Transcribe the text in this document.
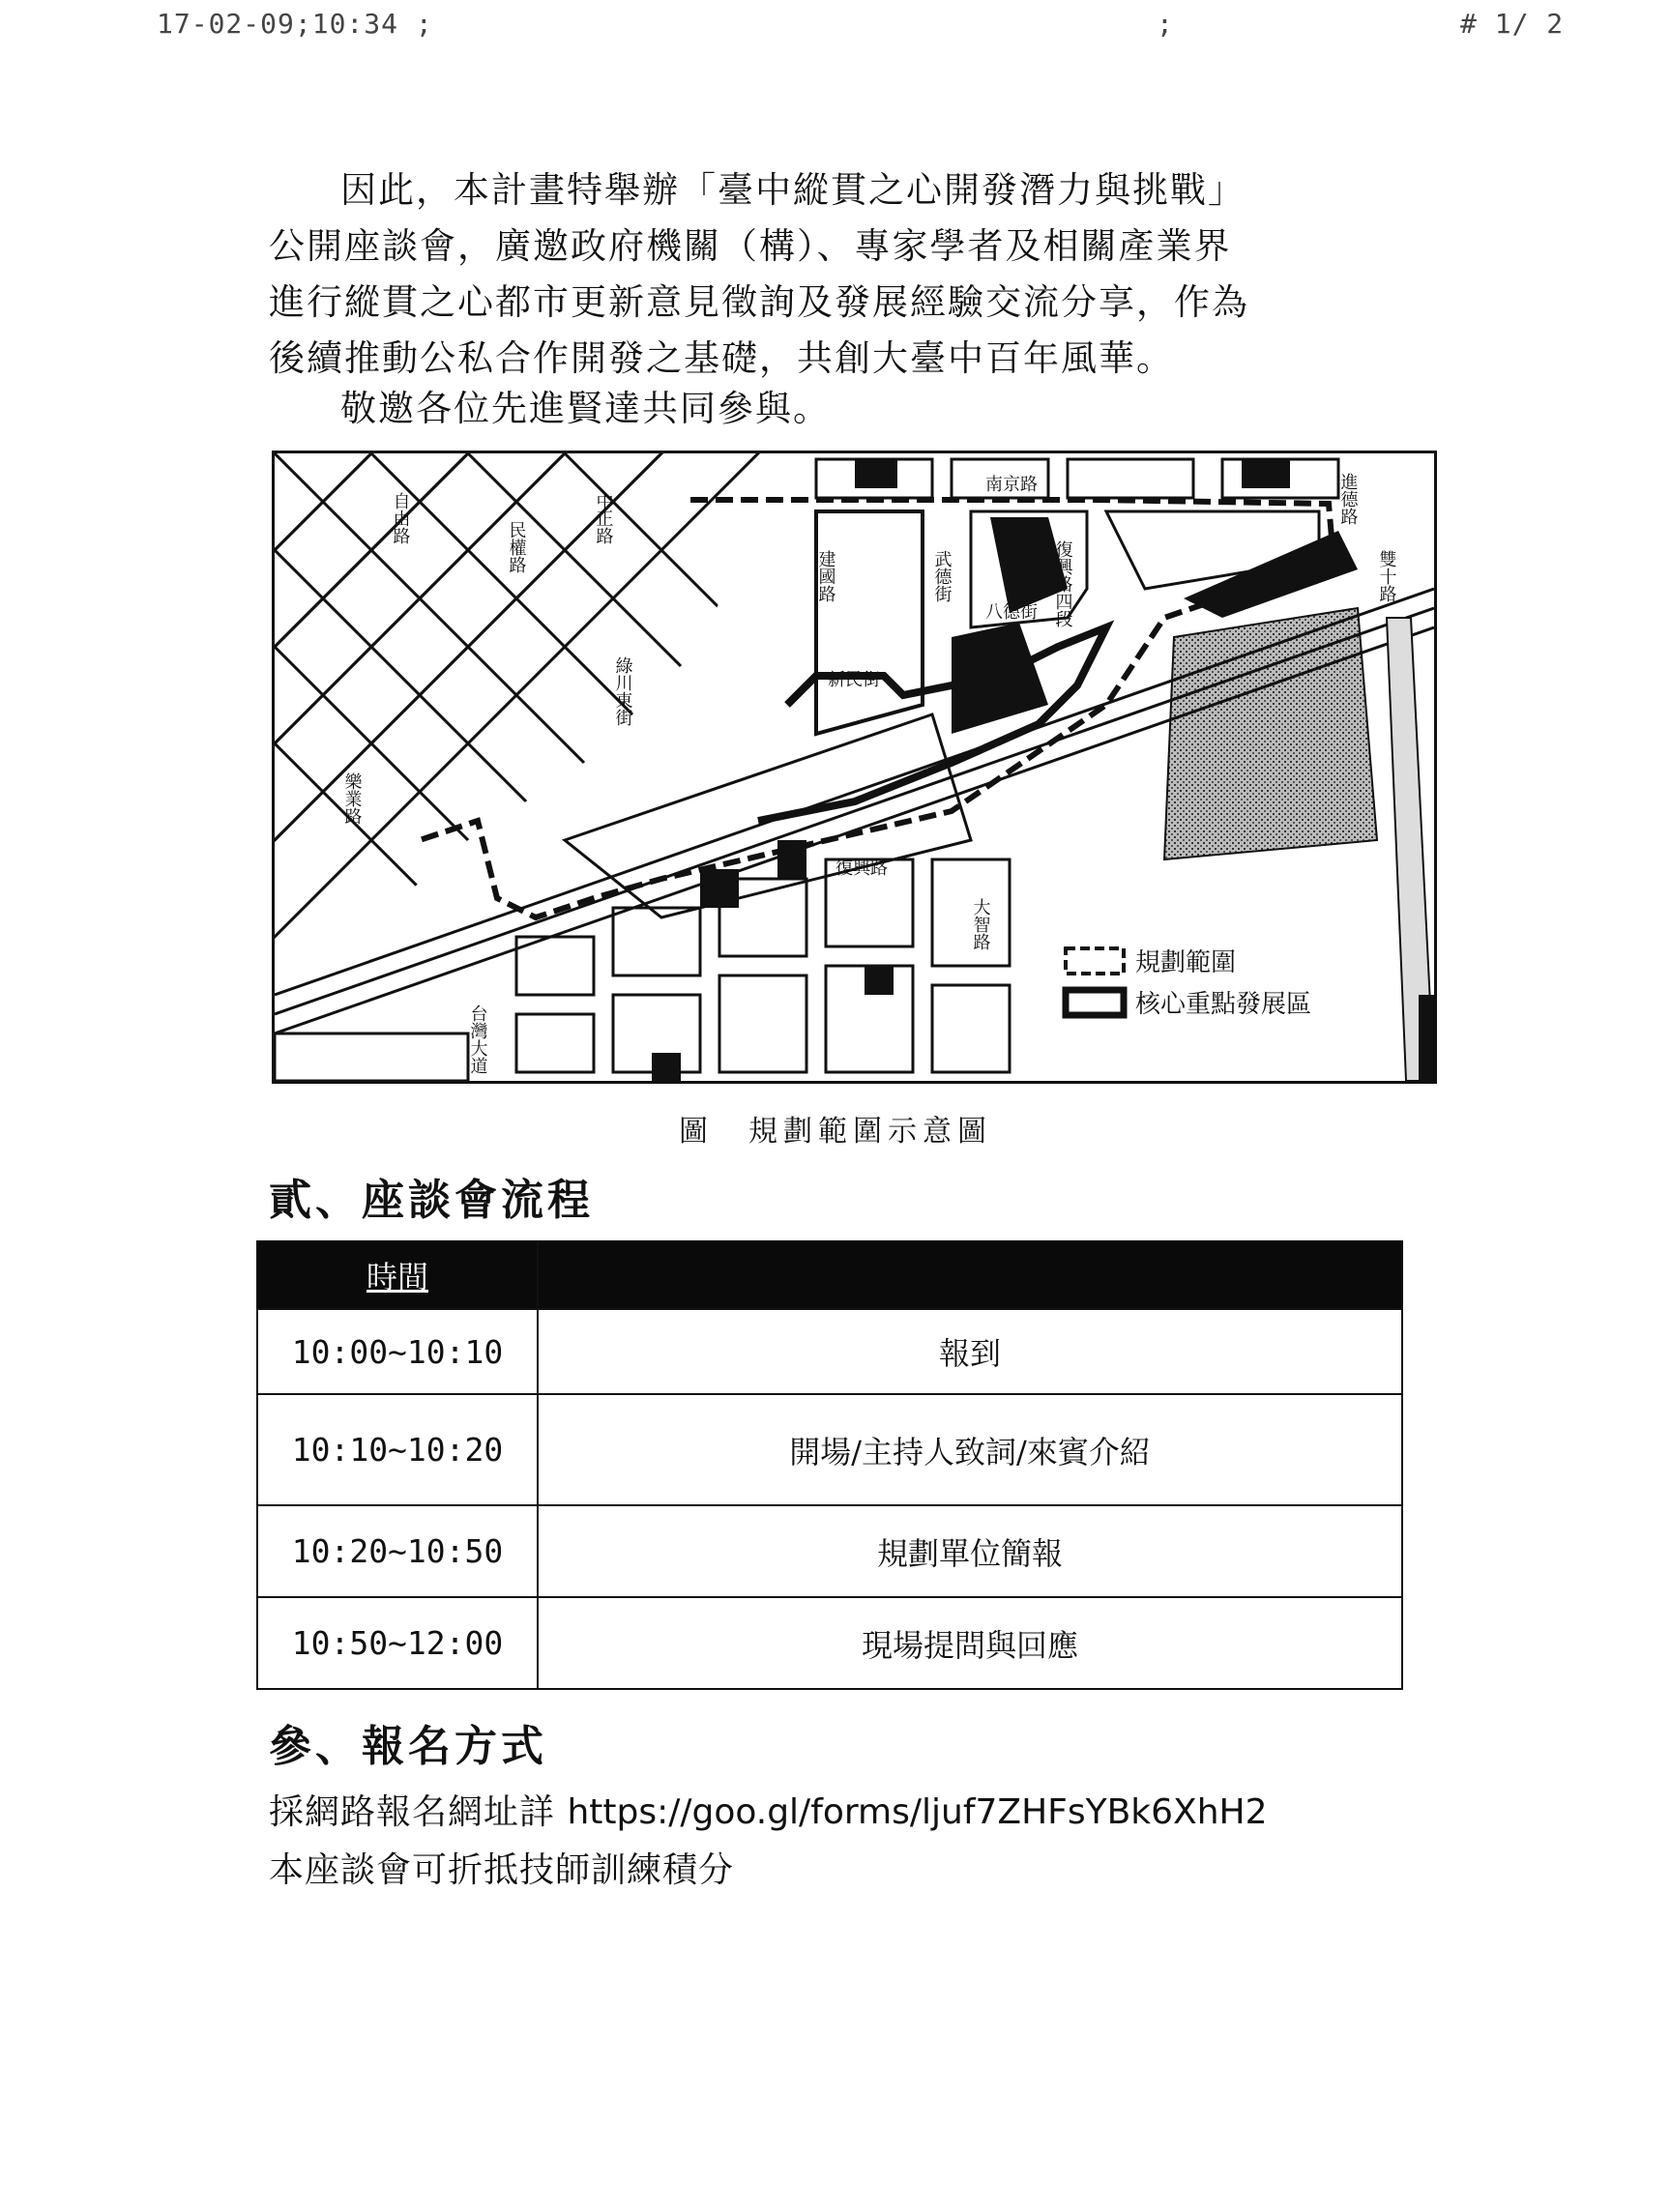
17-02-09;10:34 ;	;	# 1/ 2
因此，本計畫特舉辦「臺中縱貫之心開發潛力與挑戰」
公開座談會，廣邀政府機關（構）、專家學者及相關產業界
進行縱貫之心都市更新意見徵詢及發展經驗交流分享，作為
後續推動公私合作開發之基礎，共創大臺中百年風華。
敬邀各位先進賢達共同參與。
南京路
建國路	武德街	復興路四段
新民街
自由路
民權路
中正路
綠川東街
台灣大道
復興路
樂業路
大智路
進德路
雙十路
八德街
規劃範圍
核心重點發展區
圖　規劃範圍示意圖
貳、座談會流程
時間	
10:00~10:10	報到
10:10~10:20	開場/主持人致詞/來賓介紹
10:20~10:50	規劃單位簡報
10:50~12:00	現場提問與回應
參、報名方式

採網路報名網址詳 https://goo.gl/forms/ljuf7ZHFsYBk6XhH2

本座談會可折抵技師訓練積分
